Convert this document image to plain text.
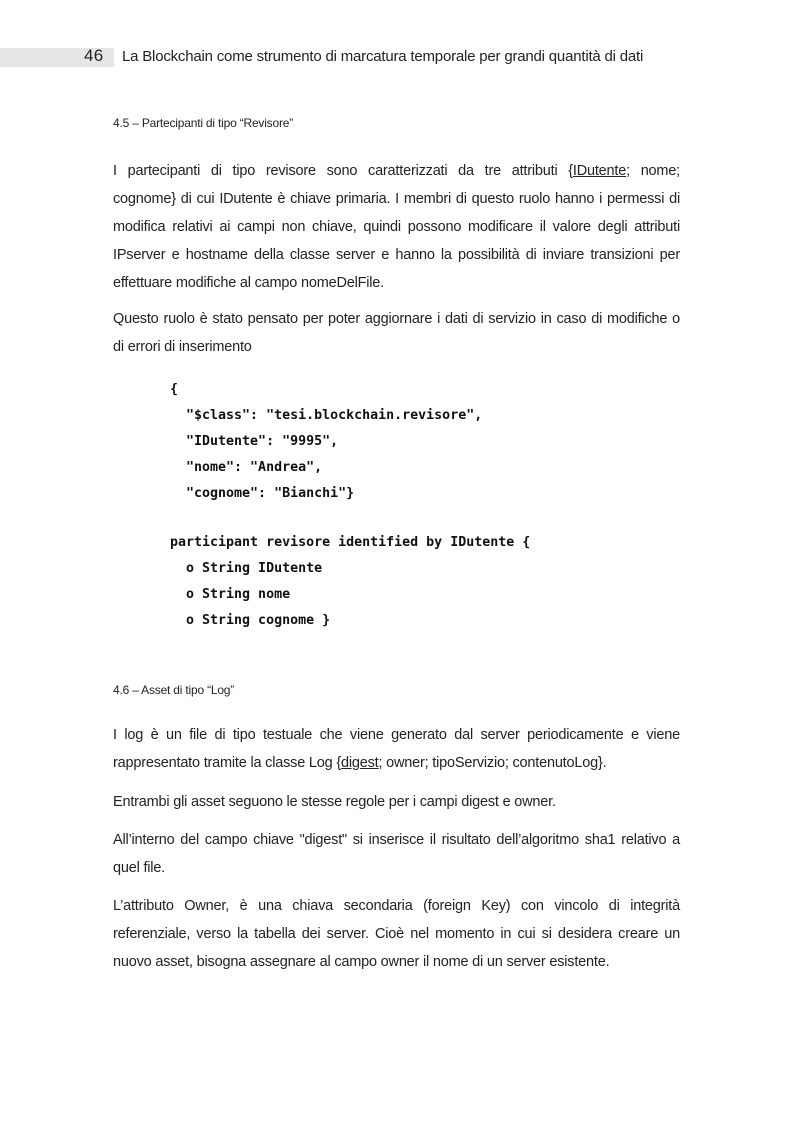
46 La Blockchain come strumento di marcatura temporale per grandi quantità di dati
4.5 – Partecipanti di tipo “Revisore”

I partecipanti di tipo revisore sono caratterizzati da tre attributi {IDutente; nome;
cognome} di cui IDutente è chiave primaria. I membri di questo ruolo hanno i permessi di
modifica relativi ai campi non chiave, quindi possono modificare il valore degli attributi
IPserver e hostname della classe server e hanno la possibilità di inviare transizioni per
effettuare modifiche al campo nomeDelFile.

Questo ruolo è stato pensato per poter aggiornare i dati di servizio in caso di modifiche o
di errori di inserimento

{
"$class": "tesi.blockchain.revisore",
"IDutente": "9995",
"nome": "Andrea",
"cognome": "Bianchi"}
participant revisore identified by IDutente {
o String IDutente
o String nome
o String cognome }
4.6 – Asset di tipo “Log”

I log è un file di tipo testuale che viene generato dal server periodicamente e viene
rappresentato tramite la classe Log {digest; owner; tipoServizio; contenutoLog}.

Entrambi gli asset seguono le stesse regole per i campi digest e owner.

All’interno del campo chiave "digest" si inserisce il risultato dell’algoritmo sha1 relativo a
quel file.

L’attributo Owner, è una chiava secondaria (foreign Key) con vincolo di integrità
referenziale, verso la tabella dei server. Cioè nel momento in cui si desidera creare un
nuovo asset, bisogna assegnare al campo owner il nome di un server esistente.
